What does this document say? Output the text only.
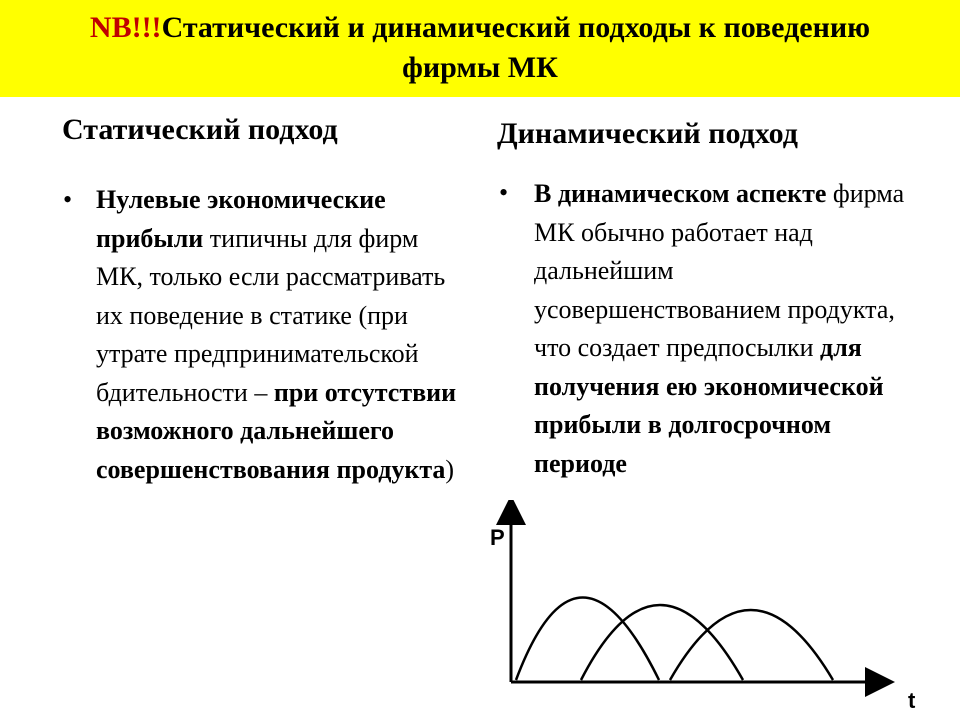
NB!!!Статический и динамический подходы к поведению
фирмы МК
Статический подход	Динамический подход
• Нулевые экономические прибыли типичны для фирм МК, только если рассматривать их поведение в статике (при утрате предпринимательской бдительности – при отсутствии возможного дальнейшего совершенствования продукта)
• В динамическом аспекте фирма МК обычно работает над дальнейшим усовершенствованием продукта, что создает предпосылки для получения ею экономической прибыли в долгосрочном периоде
P
t
